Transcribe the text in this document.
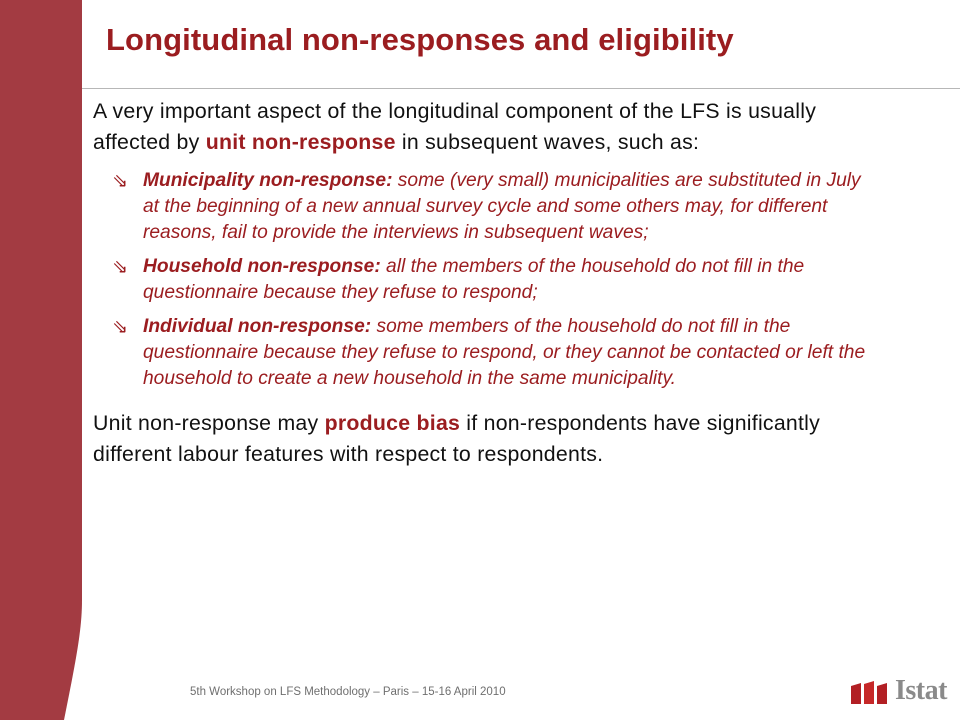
Longitudinal non-responses and eligibility

A very important aspect of the longitudinal component of the LFS is usually affected by unit non-response in subsequent waves, such as:

⇘ Municipality non-response: some (very small) municipalities are substituted in July at the beginning of a new annual survey cycle and some others may, for different reasons, fail to provide the interviews in subsequent waves;
⇘ Household non-response: all the members of the household do not fill in the questionnaire because they refuse to respond;
⇘ Individual non-response: some members of the household do not fill in the questionnaire because they refuse to respond, or they cannot be contacted or left the household to create a new household in the same municipality.

Unit non-response may produce bias if non-respondents have significantly different labour features with respect to respondents.

5th Workshop on LFS Methodology – Paris – 15-16 April 2010	Istat
